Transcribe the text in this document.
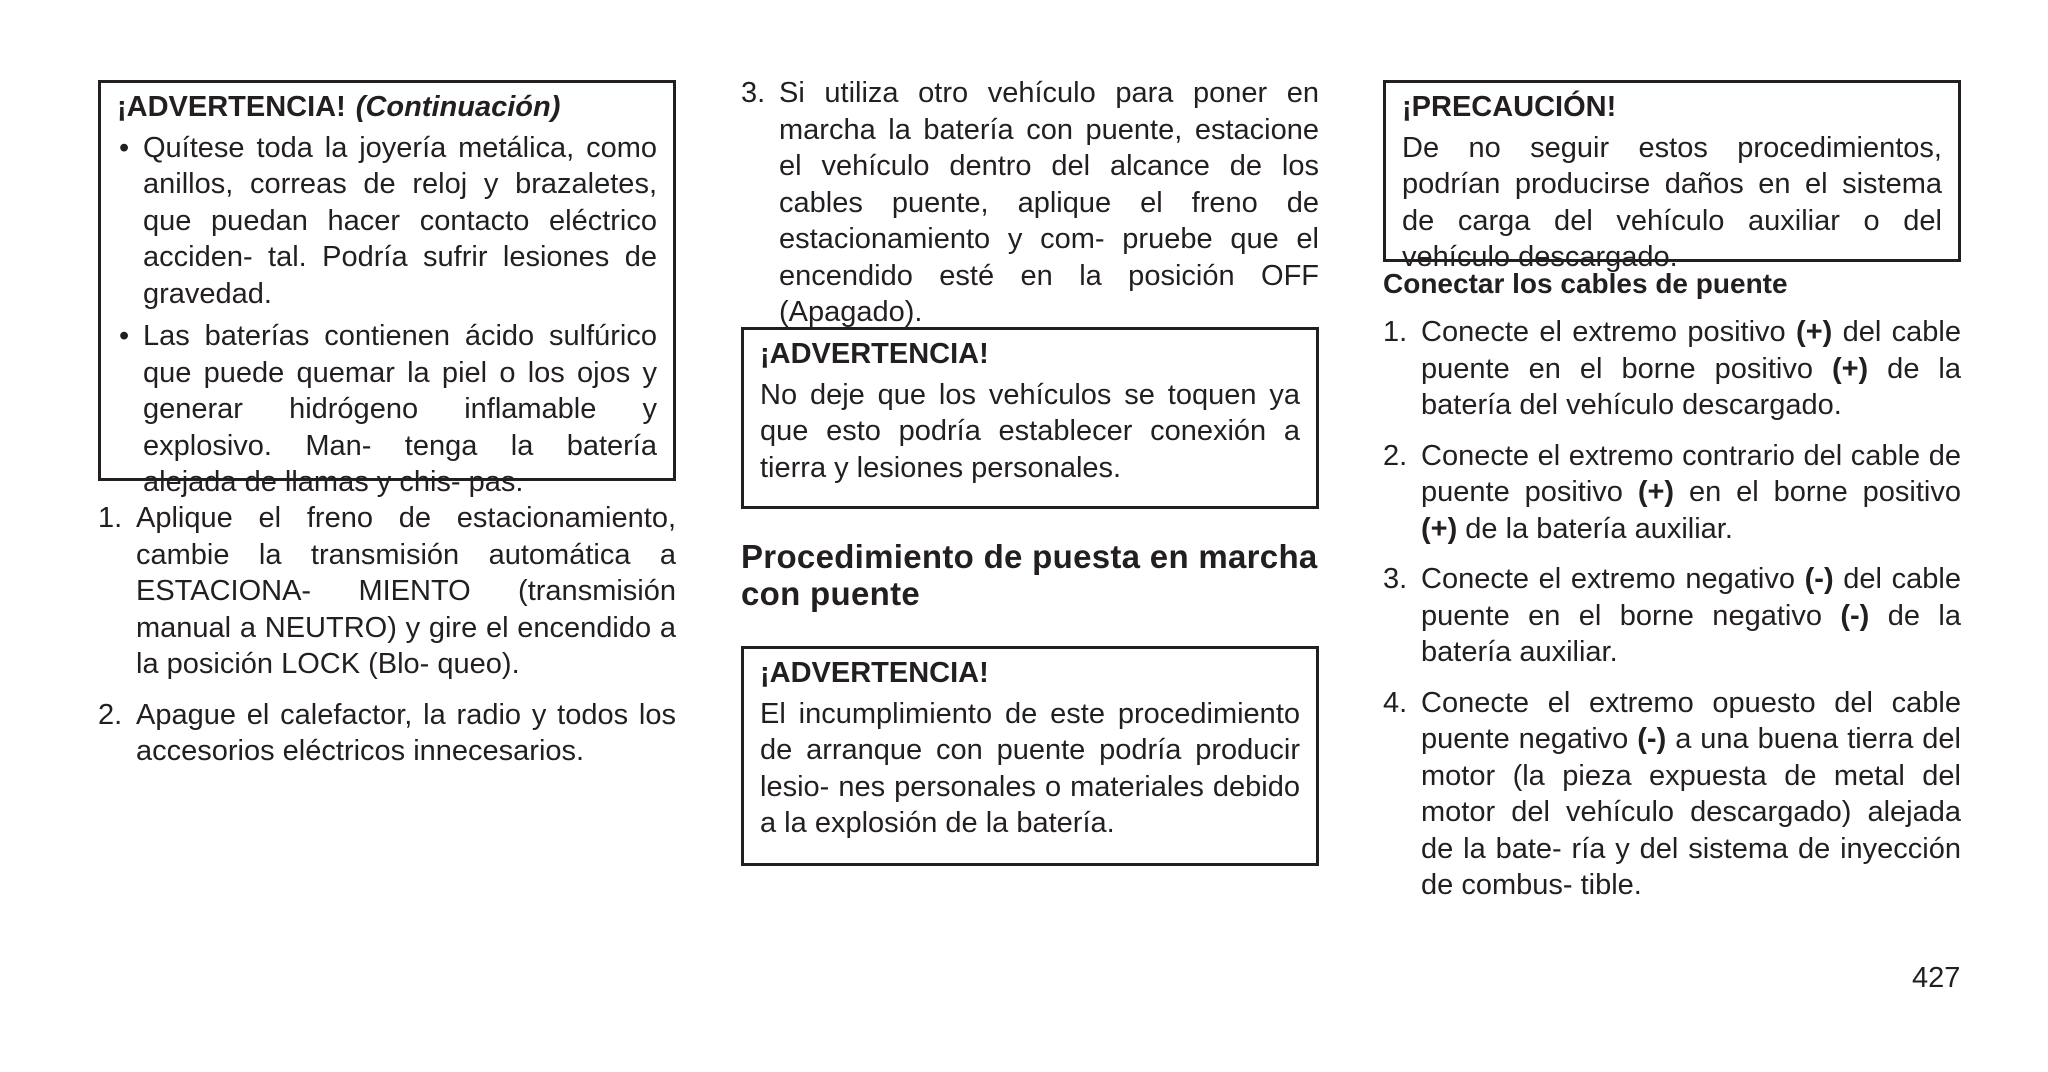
¡ADVERTENCIA! (Continuación)
• Quítese toda la joyería metálica, como anillos, correas de reloj y brazaletes, que puedan hacer contacto eléctrico acciden- tal. Podría sufrir lesiones de gravedad.
• Las baterías contienen ácido sulfúrico que puede quemar la piel o los ojos y generar hidrógeno inflamable y explosivo. Man- tenga la batería alejada de llamas y chis- pas.
1. Aplique el freno de estacionamiento, cambie la transmisión automática a ESTACIONA- MIENTO (transmisión manual a NEUTRO) y gire el encendido a la posición LOCK (Blo- queo).
2. Apague el calefactor, la radio y todos los accesorios eléctricos innecesarios.
3. Si utiliza otro vehículo para poner en marcha la batería con puente, estacione el vehículo dentro del alcance de los cables puente, aplique el freno de estacionamiento y com- pruebe que el encendido esté en la posición OFF (Apagado).
¡ADVERTENCIA!
No deje que los vehículos se toquen ya que esto podría establecer conexión a tierra y lesiones personales.
Procedimiento de puesta en marcha con puente
¡ADVERTENCIA!
El incumplimiento de este procedimiento de arranque con puente podría producir lesio- nes personales o materiales debido a la explosión de la batería.
¡PRECAUCIÓN!
De no seguir estos procedimientos, podrían producirse daños en el sistema de carga del vehículo auxiliar o del vehículo descargado.
Conectar los cables de puente
1. Conecte el extremo positivo (+) del cable puente en el borne positivo (+) de la batería del vehículo descargado.
2. Conecte el extremo contrario del cable de puente positivo (+) en el borne positivo (+) de la batería auxiliar.
3. Conecte el extremo negativo (-) del cable puente en el borne negativo (-) de la batería auxiliar.
4. Conecte el extremo opuesto del cable puente negativo (-) a una buena tierra del motor (la pieza expuesta de metal del motor del vehículo descargado) alejada de la bate- ría y del sistema de inyección de combus- tible.
427
